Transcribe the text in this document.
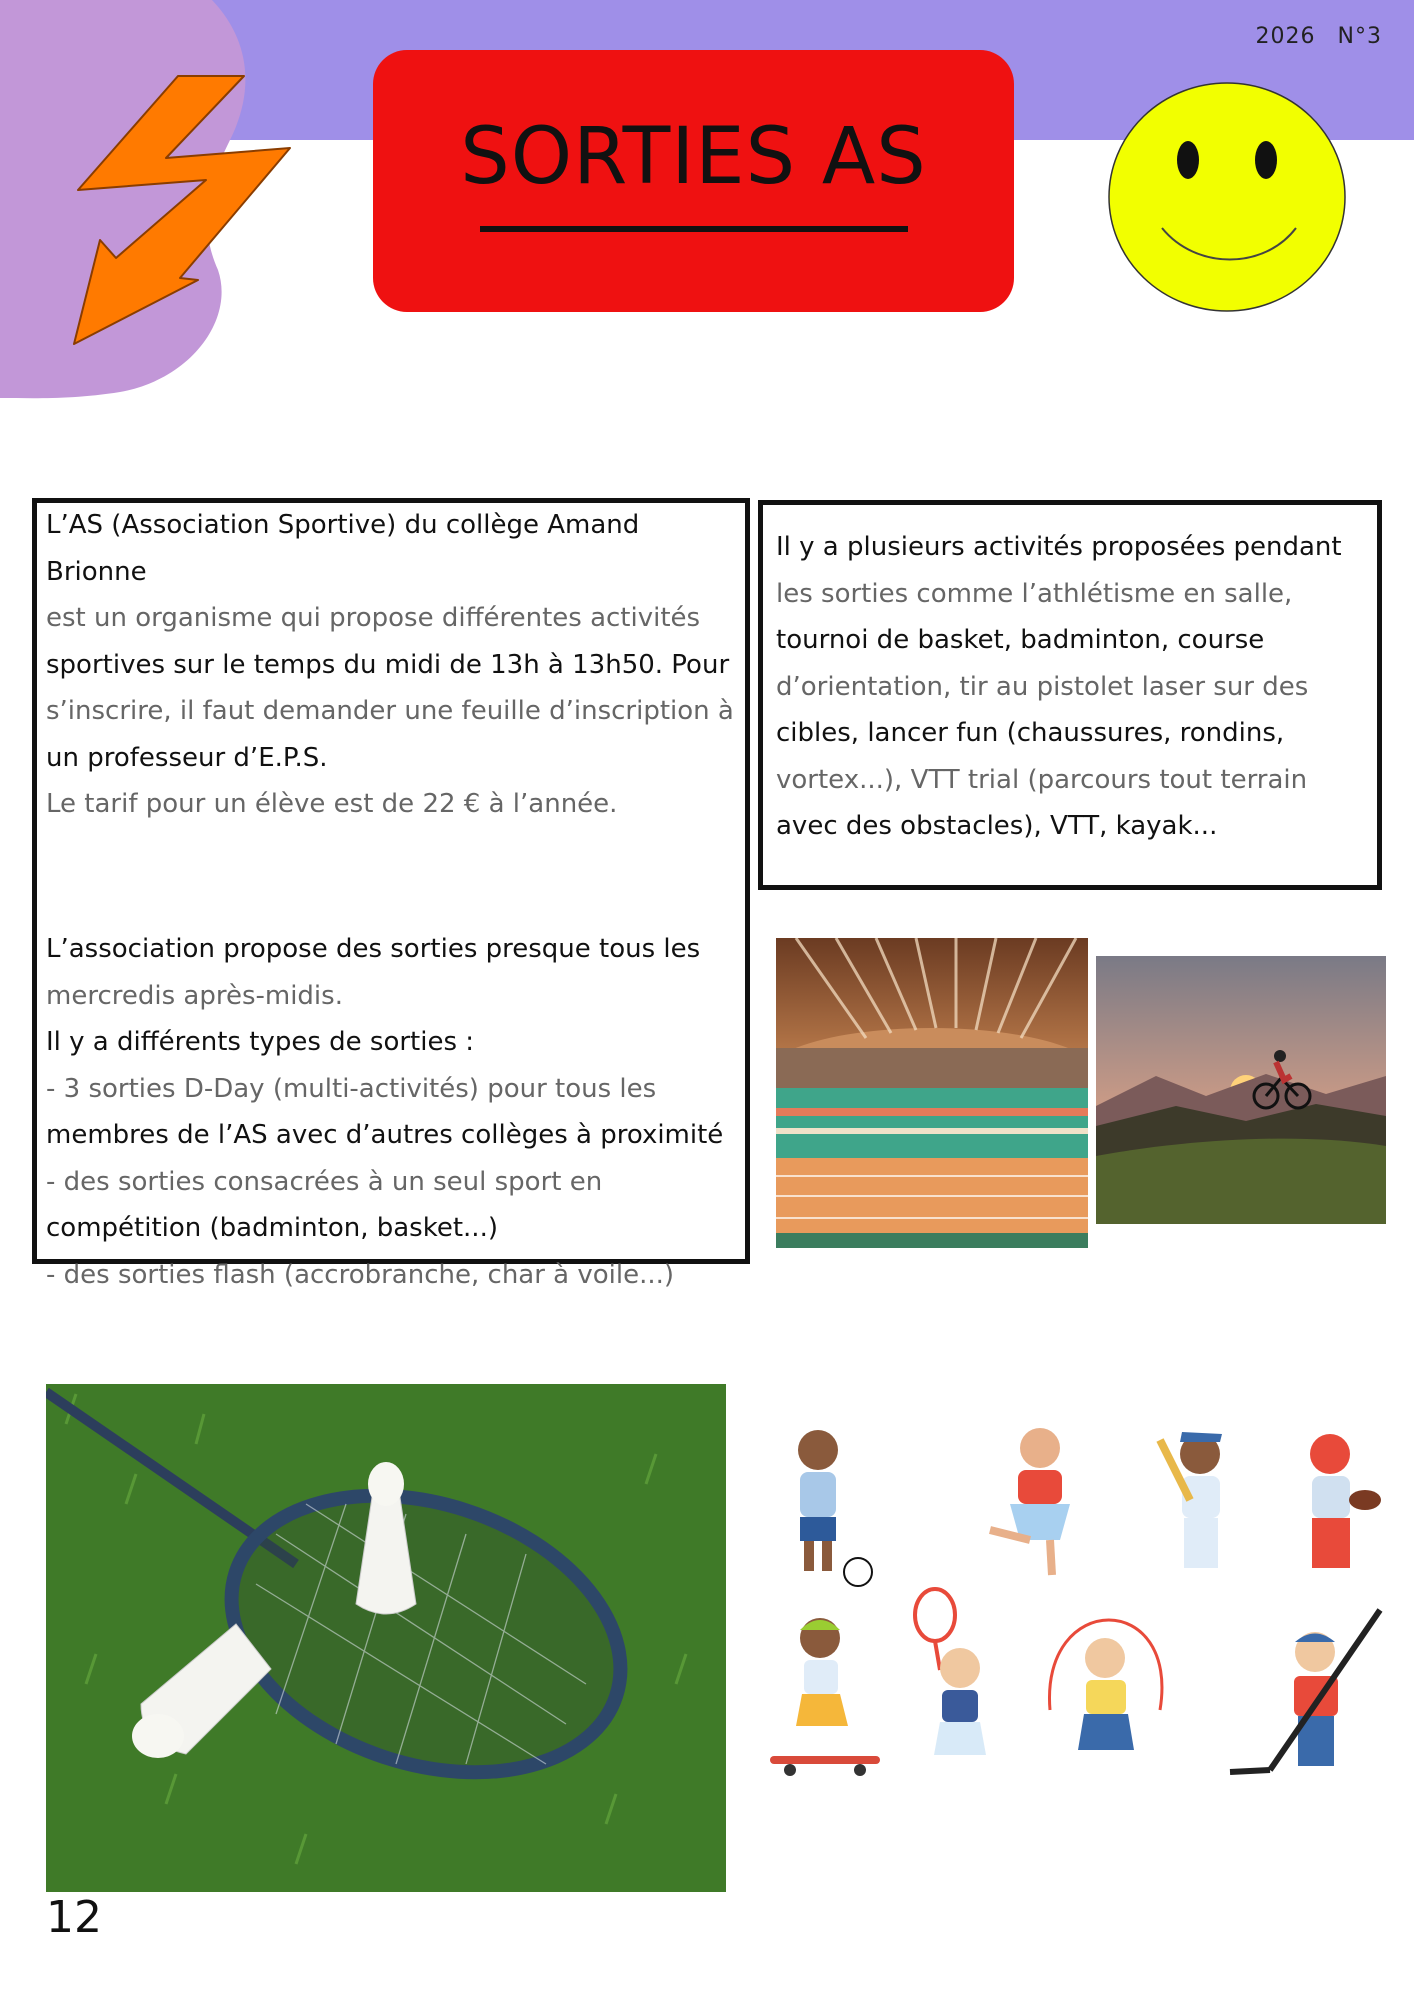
2026 N°3
SORTIES AS

L’AS (Association Sportive) du collège Amand Brionne

est un organisme qui propose différentes activités

sportives sur le temps du midi de 13h à 13h50. Pour

s’inscrire, il faut demander une feuille d’inscription à

un professeur d’E.P.S.

Le tarif pour un élève est de 22 € à l’année.

L’association propose des sorties presque tous les

mercredis après-midis.

Il y a différents types de sorties :

- 3 sorties D-Day (multi-activités) pour tous les

membres de l’AS avec d’autres collèges à proximité

- des sorties consacrées à un seul sport en

compétition (badminton, basket...)

- des sorties flash (accrobranche, char à voile...)

Il y a plusieurs activités proposées pendant

les sorties comme l’athlétisme en salle,

tournoi de basket, badminton, course

d’orientation, tir au pistolet laser sur des

cibles, lancer fun (chaussures, rondins,

vortex...), VTT trial (parcours tout terrain

avec des obstacles), VTT, kayak...

12
